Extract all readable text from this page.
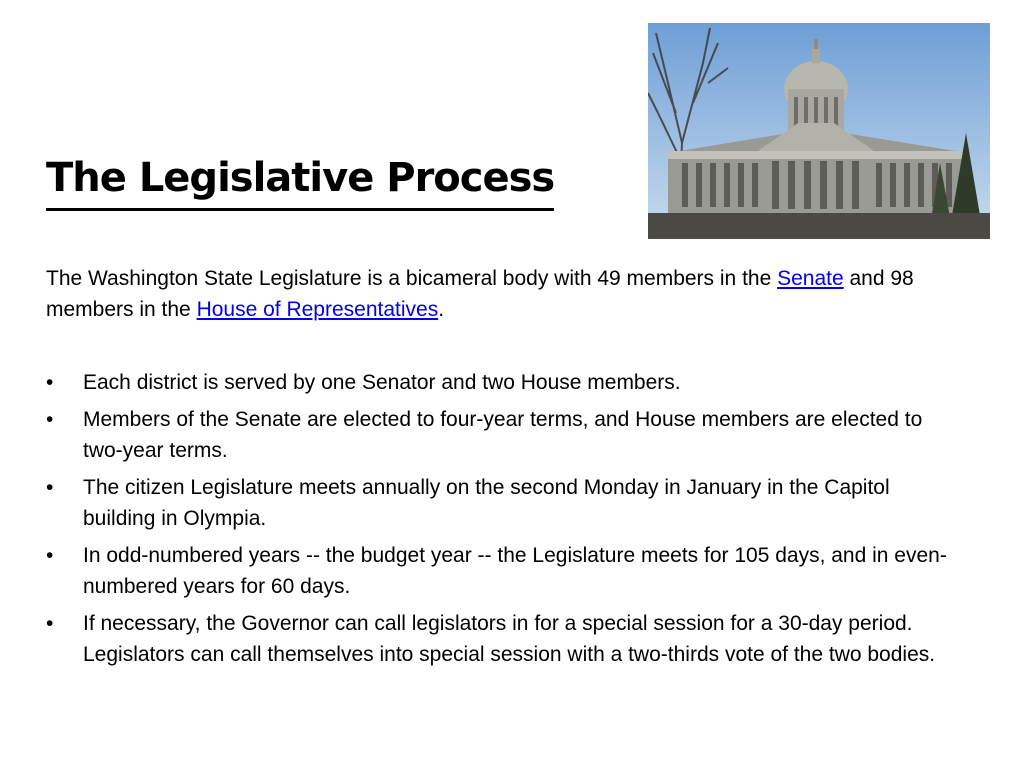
The Legislative Process

The Washington State Legislature is a bicameral body with 49 members in the Senate and 98 members in the House of Representatives.

• Each district is served by one Senator and two House members.
• Members of the Senate are elected to four-year terms, and House members are elected to two-year terms.
• The citizen Legislature meets annually on the second Monday in January in the Capitol building in Olympia.
• In odd-numbered years -- the budget year -- the Legislature meets for 105 days, and in even-numbered years for 60 days.
• If necessary, the Governor can call legislators in for a special session for a 30-day period. Legislators can call themselves into special session with a two-thirds vote of the two bodies.
